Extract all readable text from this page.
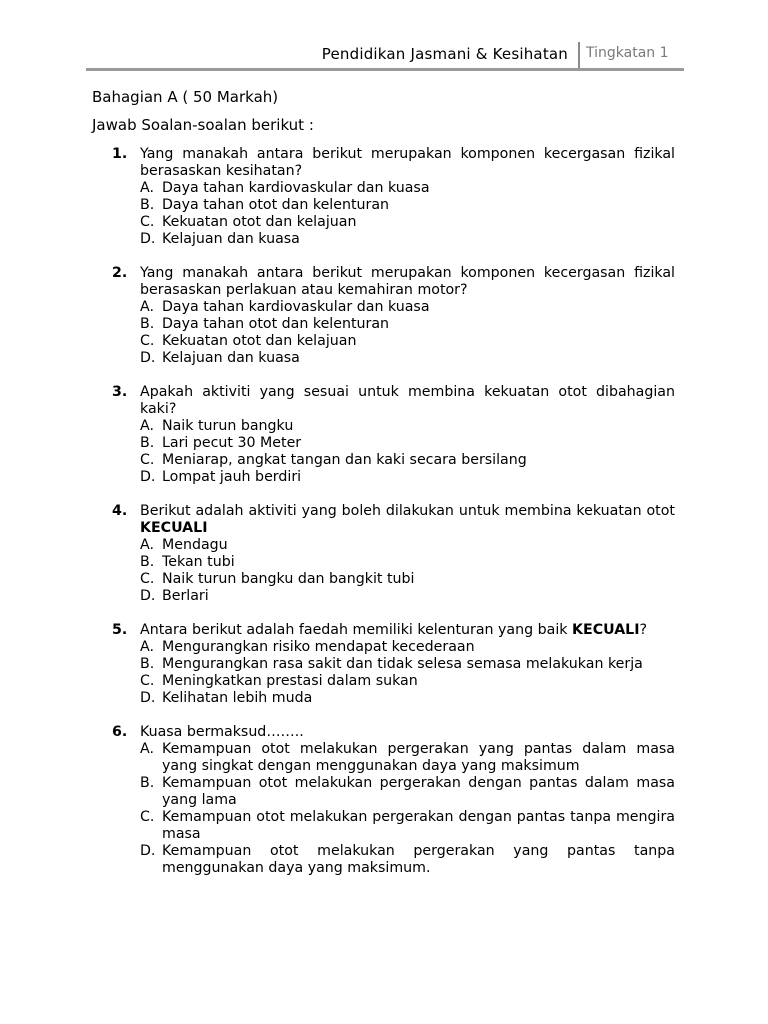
Pendidikan Jasmani & Kesihatan Tingkatan 1
Bahagian A ( 50 Markah)
Jawab Soalan-soalan berikut :
1. Yang manakah antara berikut merupakan komponen kecergasan fizikal berasaskan kesihatan?
A. Daya tahan kardiovaskular dan kuasa
B. Daya tahan otot dan kelenturan
C. Kekuatan otot dan kelajuan
D. Kelajuan dan kuasa
2. Yang manakah antara berikut merupakan komponen kecergasan fizikal berasaskan perlakuan atau kemahiran motor?
A. Daya tahan kardiovaskular dan kuasa
B. Daya tahan otot dan kelenturan
C. Kekuatan otot dan kelajuan
D. Kelajuan dan kuasa
3. Apakah aktiviti yang sesuai untuk membina kekuatan otot dibahagian kaki?
A. Naik turun bangku
B. Lari pecut 30 Meter
C. Meniarap, angkat tangan dan kaki secara bersilang
D. Lompat jauh berdiri
4. Berikut adalah aktiviti yang boleh dilakukan untuk membina kekuatan otot KECUALI
A. Mendagu
B. Tekan tubi
C. Naik turun bangku dan bangkit tubi
D. Berlari
5. Antara berikut adalah faedah memiliki kelenturan yang baik KECUALI?
A. Mengurangkan risiko mendapat kecederaan
B. Mengurangkan rasa sakit dan tidak selesa semasa melakukan kerja
C. Meningkatkan prestasi dalam sukan
D. Kelihatan lebih muda
6. Kuasa bermaksud……..
A. Kemampuan otot melakukan pergerakan yang pantas dalam masa yang singkat dengan menggunakan daya yang maksimum
B. Kemampuan otot melakukan pergerakan dengan pantas dalam masa yang lama
C. Kemampuan otot melakukan pergerakan dengan pantas tanpa mengira masa
D. Kemampuan otot melakukan pergerakan yang pantas tanpa menggunakan daya yang maksimum.
